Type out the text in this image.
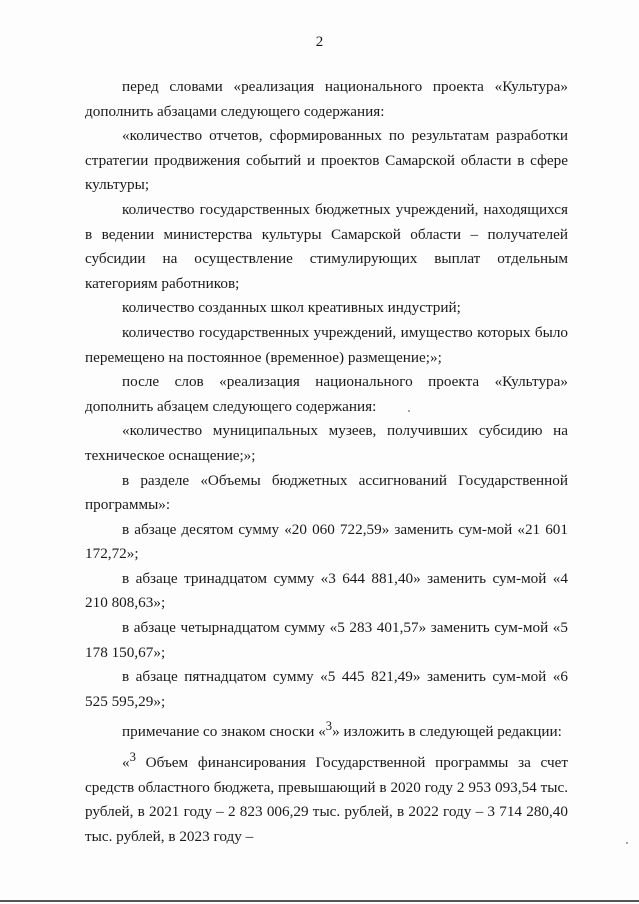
2

перед словами «реализация национального проекта «Культура» дополнить абзацами следующего содержания:

«количество отчетов, сформированных по результатам разработки стратегии продвижения событий и проектов Самарской области в сфере культуры;

количество государственных бюджетных учреждений, находящихся в ведении министерства культуры Самарской области – получателей субсидии на осуществление стимулирующих выплат отдельным категориям работников;

количество созданных школ креативных индустрий;

количество государственных учреждений, имущество которых было перемещено на постоянное (временное) размещение;»;

после слов «реализация национального проекта «Культура» дополнить абзацем следующего содержания:

«количество муниципальных музеев, получивших субсидию на техническое оснащение;»;

в разделе «Объемы бюджетных ассигнований Государственной программы»:

в абзаце десятом сумму «20 060 722,59» заменить сум-мой «21 601 172,72»;

в абзаце тринадцатом сумму «3 644 881,40» заменить сум-мой «4 210 808,63»;

в абзаце четырнадцатом сумму «5 283 401,57» заменить сум-мой «5 178 150,67»;

в абзаце пятнадцатом сумму «5 445 821,49» заменить сум-мой «6 525 595,29»;

примечание со знаком сноски «$^3$» изложить в следующей редакции:

«$^3$ Объем финансирования Государственной программы за счет средств областного бюджета, превышающий в 2020 году 2 953 093,54 тыс. рублей, в 2021 году – 2 823 006,29 тыс. рублей, в 2022 году – 3 714 280,40 тыс. рублей, в 2023 году –
